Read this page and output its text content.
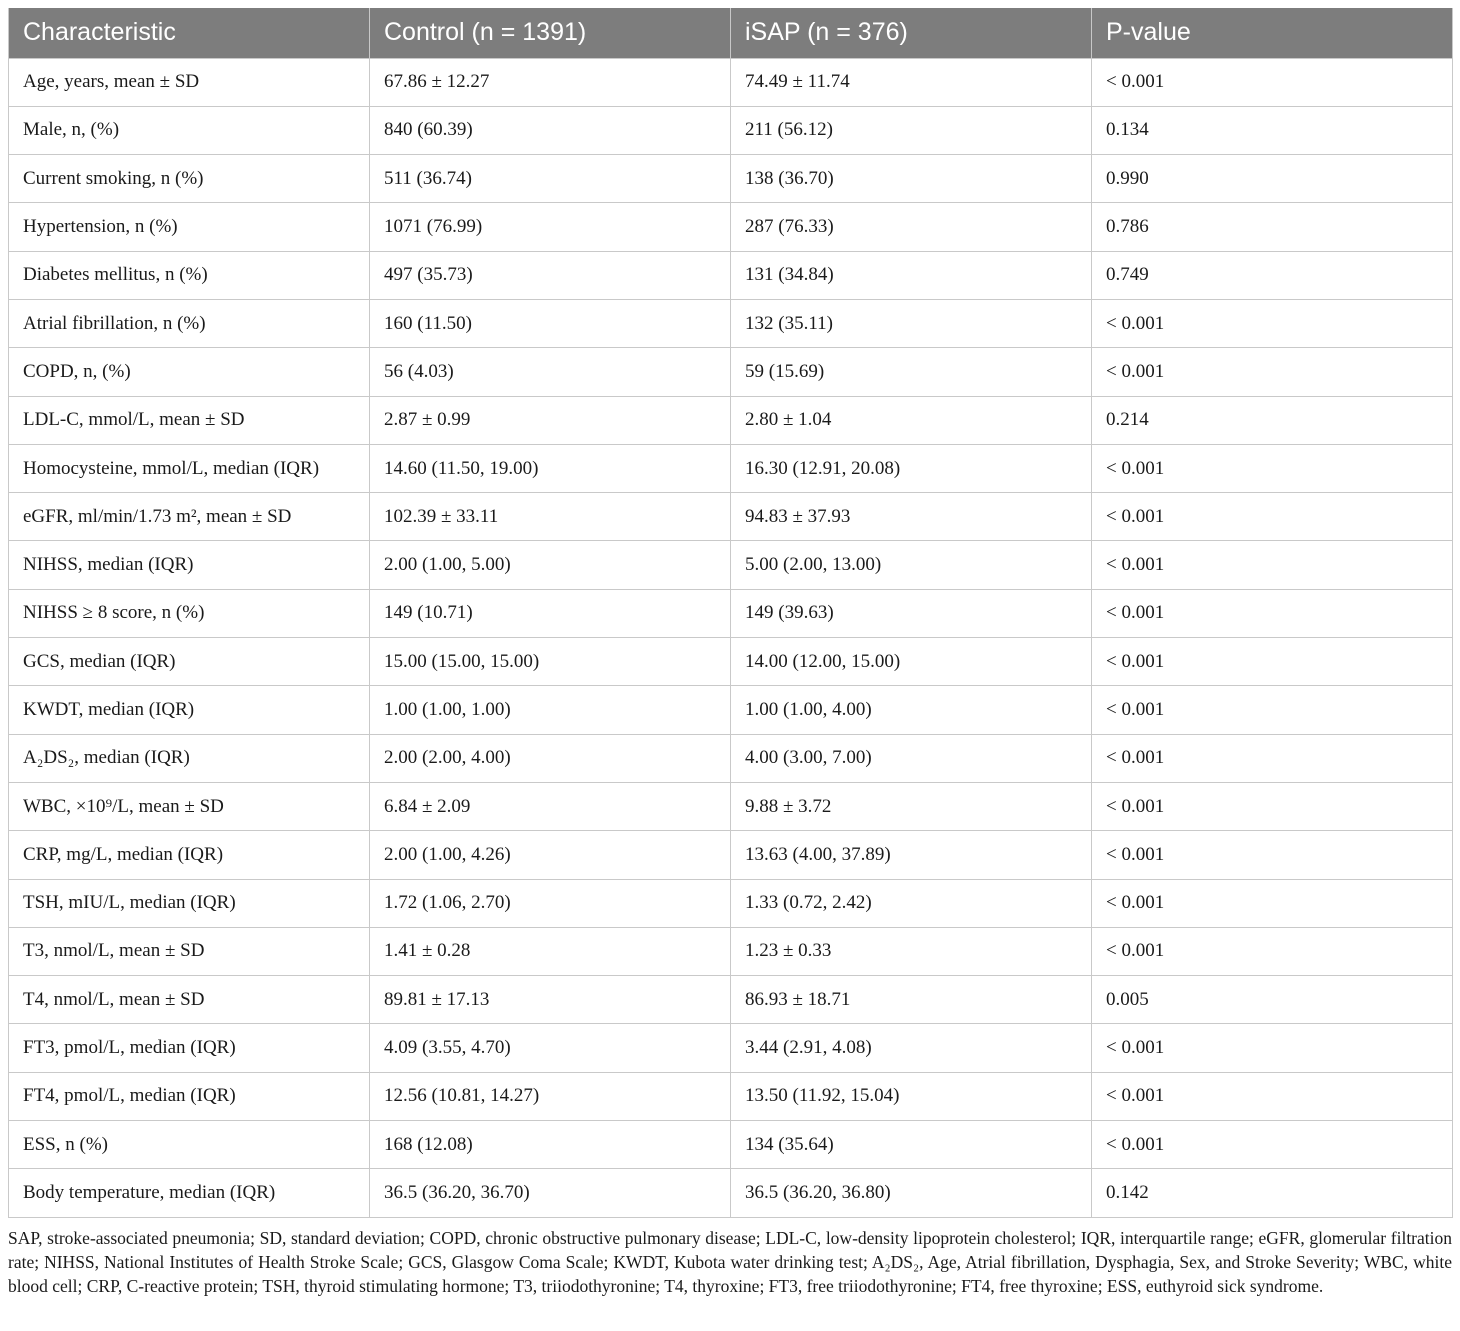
Characteristic	Control (n = 1391)	iSAP (n = 376)	P-value
Age, years, mean ± SD	67.86 ± 12.27	74.49 ± 11.74	< 0.001
Male, n, (%)	840 (60.39)	211 (56.12)	0.134
Current smoking, n (%)	511 (36.74)	138 (36.70)	0.990
Hypertension, n (%)	1071 (76.99)	287 (76.33)	0.786
Diabetes mellitus, n (%)	497 (35.73)	131 (34.84)	0.749
Atrial fibrillation, n (%)	160 (11.50)	132 (35.11)	< 0.001
COPD, n, (%)	56 (4.03)	59 (15.69)	< 0.001
LDL-C, mmol/L, mean ± SD	2.87 ± 0.99	2.80 ± 1.04	0.214
Homocysteine, mmol/L, median (IQR)	14.60 (11.50, 19.00)	16.30 (12.91, 20.08)	< 0.001
eGFR, ml/min/1.73 m², mean ± SD	102.39 ± 33.11	94.83 ± 37.93	< 0.001
NIHSS, median (IQR)	2.00 (1.00, 5.00)	5.00 (2.00, 13.00)	< 0.001
NIHSS ≥ 8 score, n (%)	149 (10.71)	149 (39.63)	< 0.001
GCS, median (IQR)	15.00 (15.00, 15.00)	14.00 (12.00, 15.00)	< 0.001
KWDT, median (IQR)	1.00 (1.00, 1.00)	1.00 (1.00, 4.00)	< 0.001
A₂DS₂, median (IQR)	2.00 (2.00, 4.00)	4.00 (3.00, 7.00)	< 0.001
WBC, ×10⁹/L, mean ± SD	6.84 ± 2.09	9.88 ± 3.72	< 0.001
CRP, mg/L, median (IQR)	2.00 (1.00, 4.26)	13.63 (4.00, 37.89)	< 0.001
TSH, mIU/L, median (IQR)	1.72 (1.06, 2.70)	1.33 (0.72, 2.42)	< 0.001
T3, nmol/L, mean ± SD	1.41 ± 0.28	1.23 ± 0.33	< 0.001
T4, nmol/L, mean ± SD	89.81 ± 17.13	86.93 ± 18.71	0.005
FT3, pmol/L, median (IQR)	4.09 (3.55, 4.70)	3.44 (2.91, 4.08)	< 0.001
FT4, pmol/L, median (IQR)	12.56 (10.81, 14.27)	13.50 (11.92, 15.04)	< 0.001
ESS, n (%)	168 (12.08)	134 (35.64)	< 0.001
Body temperature, median (IQR)	36.5 (36.20, 36.70)	36.5 (36.20, 36.80)	0.142
SAP, stroke-associated pneumonia; SD, standard deviation; COPD, chronic obstructive pulmonary disease; LDL-C, low-density lipoprotein cholesterol; IQR, interquartile range; eGFR, glomerular filtration rate; NIHSS, National Institutes of Health Stroke Scale; GCS, Glasgow Coma Scale; KWDT, Kubota water drinking test; A₂DS₂, Age, Atrial fibrillation, Dysphagia, Sex, and Stroke Severity; WBC, white blood cell; CRP, C-reactive protein; TSH, thyroid stimulating hormone; T3, triiodothyronine; T4, thyroxine; FT3, free triiodothyronine; FT4, free thyroxine; ESS, euthyroid sick syndrome.
